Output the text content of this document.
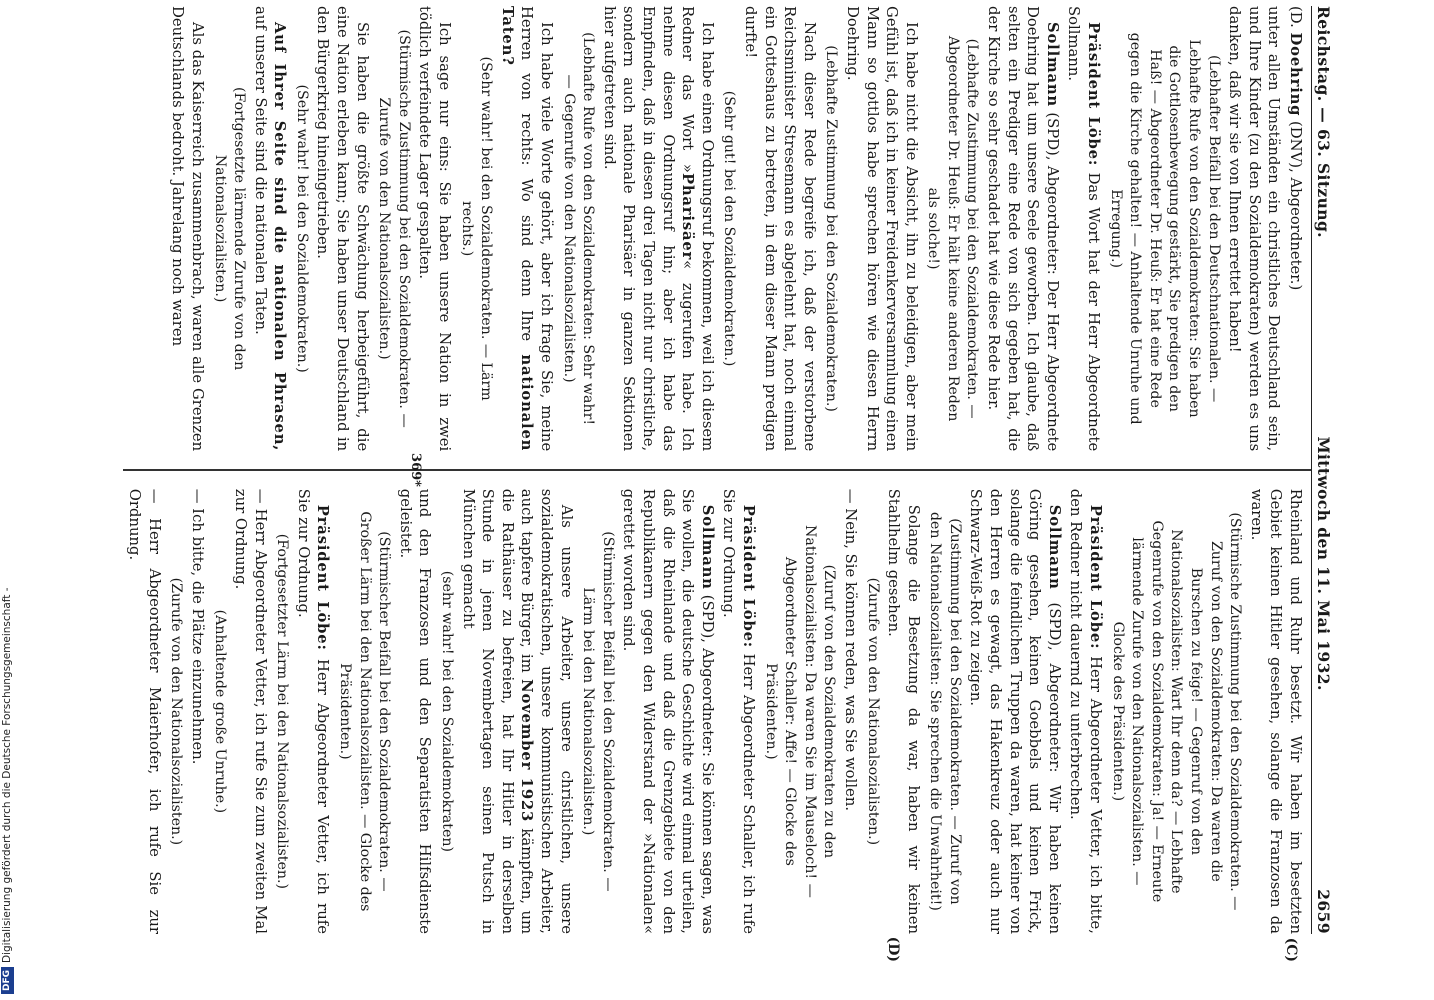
Reichstag. — 63. Sitzung.
Mittwoch den 11. Mai 1932.
2659
(C)
(D)

(D. Doehring (DNV), Abgeordneter.)

unter allen Umständen ein christliches Deutschland sein, und Ihre Kinder (zu den Sozialdemokraten) werden es uns danken, daß wir sie von Ihnen errettet haben!

(Lebhafter Beifall bei den Deutschnationalen. — Lebhafte Rufe von den Sozialdemokraten: Sie haben die Gottlosenbewegung gestärkt, Sie predigen den Haß! — Abgeordneter Dr. Heuß: Er hat eine Rede gegen die Kirche gehalten! — Anhaltende Unruhe und Erregung.)

Präsident Löbe: Das Wort hat der Herr Abgeordnete Sollmann.

Sollmann (SPD), Abgeordneter: Der Herr Abgeordnete Doehring hat um unsere Seele geworben. Ich glaube, daß selten ein Prediger eine Rede von sich gegeben hat, die der Kirche so sehr geschadet hat wie diese Rede hier.

(Lebhafte Zustimmung bei den Sozialdemokraten. — Abgeordneter Dr. Heuß: Er hält keine anderen Reden als solche!)

Ich habe nicht die Absicht, ihn zu beleidigen, aber mein Gefühl ist, daß ich in keiner Freidenkerversammlung einen Mann so gottlos habe sprechen hören wie diesen Herrn Doehring.

(Lebhafte Zustimmung bei den Sozialdemokraten.)

Nach dieser Rede begreife ich, daß der verstorbene Reichsminister Stresemann es abgelehnt hat, noch einmal ein Gotteshaus zu betreten, in dem dieser Mann predigen durfte!

(Sehr gut! bei den Sozialdemokraten.)

Ich habe einen Ordnungsruf bekommen, weil ich diesem Redner das Wort »Pharisäer« zugerufen habe. Ich nehme diesen Ordnungsruf hin; aber ich habe das Empfinden, daß in diesen drei Tagen nicht nur christliche, sondern auch nationale Pharisäer in ganzen Sektionen hier aufgetreten sind.

(Lebhafte Rufe von den Sozialdemokraten: Sehr wahr! — Gegenrufe von den Nationalsozialisten.)

Ich habe viele Worte gehört, aber ich frage Sie, meine Herren von rechts: Wo sind denn Ihre nationalen Taten?

(Sehr wahr! bei den Sozialdemokraten. — Lärm rechts.)

Ich sage nur eins: Sie haben unsere Nation in zwei tödlich verfeindete Lager gespalten.

(Stürmische Zustimmung bei den Sozialdemokraten. — Zurufe von den Nationalsozialisten.)

Sie haben die größte Schwächung herbeigeführt, die eine Nation erleben kann; Sie haben unser Deutschland in den Bürgerkrieg hineingetrieben.

(Sehr wahr! bei den Sozialdemokraten.)

Auf Ihrer Seite sind die nationalen Phrasen, auf unserer Seite sind die nationalen Taten.

(Fortgesetzte lärmende Zurufe von den Nationalsozialisten.)

Als das Kaiserreich zusammenbrach, waren alle Grenzen Deutschlands bedroht. Jahrelang noch waren

Rheinland und Ruhr besetzt. Wir haben im besetzten Gebiet keinen Hitler gesehen, solange die Franzosen da waren.

(Stürmische Zustimmung bei den Sozialdemokraten. — Zuruf von den Sozialdemokraten: Da waren die Burschen zu feige! — Gegenruf von den Nationalsozialisten: Wart Ihr denn da? — Lebhafte Gegenrufe von den Sozialdemokraten: Ja! — Erneute lärmende Zurufe von den Nationalsozialisten. — Glocke des Präsidenten.)

Präsident Löbe: Herr Abgeordneter Vetter, ich bitte, den Redner nicht dauernd zu unterbrechen.

Sollmann (SPD), Abgeordneter: Wir haben keinen Göring gesehen, keinen Goebbels und keinen Frick, solange die feindlichen Truppen da waren, hat keiner von den Herren es gewagt, das Hakenkreuz oder auch nur Schwarz-Weiß-Rot zu zeigen.

(Zustimmung bei den Sozialdemokraten. — Zuruf von den Nationalsozialisten: Sie sprechen die Unwahrheit!)

Solange die Besetzung da war, haben wir keinen Stahlhelm gesehen.

(Zurufe von den Nationalsozialisten.)

— Nein, Sie können reden, was Sie wollen.

(Zuruf von den Sozialdemokraten zu den Nationalsozialisten: Da waren Sie im Mauseloch! — Abgeordneter Schaller: Affe! — Glocke des Präsidenten.)

Präsident Löbe: Herr Abgeordneter Schaller, ich rufe Sie zur Ordnung.

Sollmann (SPD), Abgeordneter: Sie können sagen, was Sie wollen, die deutsche Geschichte wird einmal urteilen, daß die Rheinlande und daß die Grenzgebiete von den Republikanern gegen den Widerstand der »Nationalen« gerettet worden sind.

(Stürmischer Beifall bei den Sozialdemokraten. — Lärm bei den Nationalsozialisten.)

Als unsere Arbeiter, unsere christlichen, unsere sozialdemokratischen, unsere kommunistischen Arbeiter, auch tapfere Bürger, im November 1923 kämpften, um die Rathäuser zu befreien, hat Ihr Hitler in derselben Stunde in jenen Novembertagen seinen Putsch in München gemacht

(sehr wahr! bei den Sozialdemokraten)

und den Franzosen und den Separatisten Hilfsdienste geleistet.

(Stürmischer Beifall bei den Sozialdemokraten. — Großer Lärm bei den Nationalsozialisten. — Glocke des Präsidenten.)

Präsident Löbe: Herr Abgeordneter Vetter, ich rufe Sie zur Ordnung.

(Fortgesetzter Lärm bei den Nationalsozialisten.)

— Herr Abgeordneter Vetter, ich rufe Sie zum zweiten Mal zur Ordnung.

(Anhaltende große Unruhe.)

— Ich bitte, die Plätze einzunehmen.

(Zurufe von den Nationalsozialisten.)

— Herr Abgeordneter Maierhofer, ich rufe Sie zur Ordnung.

369*
DFG
Digitalisierung gefördert durch die Deutsche Forschungsgemeinschaft -
